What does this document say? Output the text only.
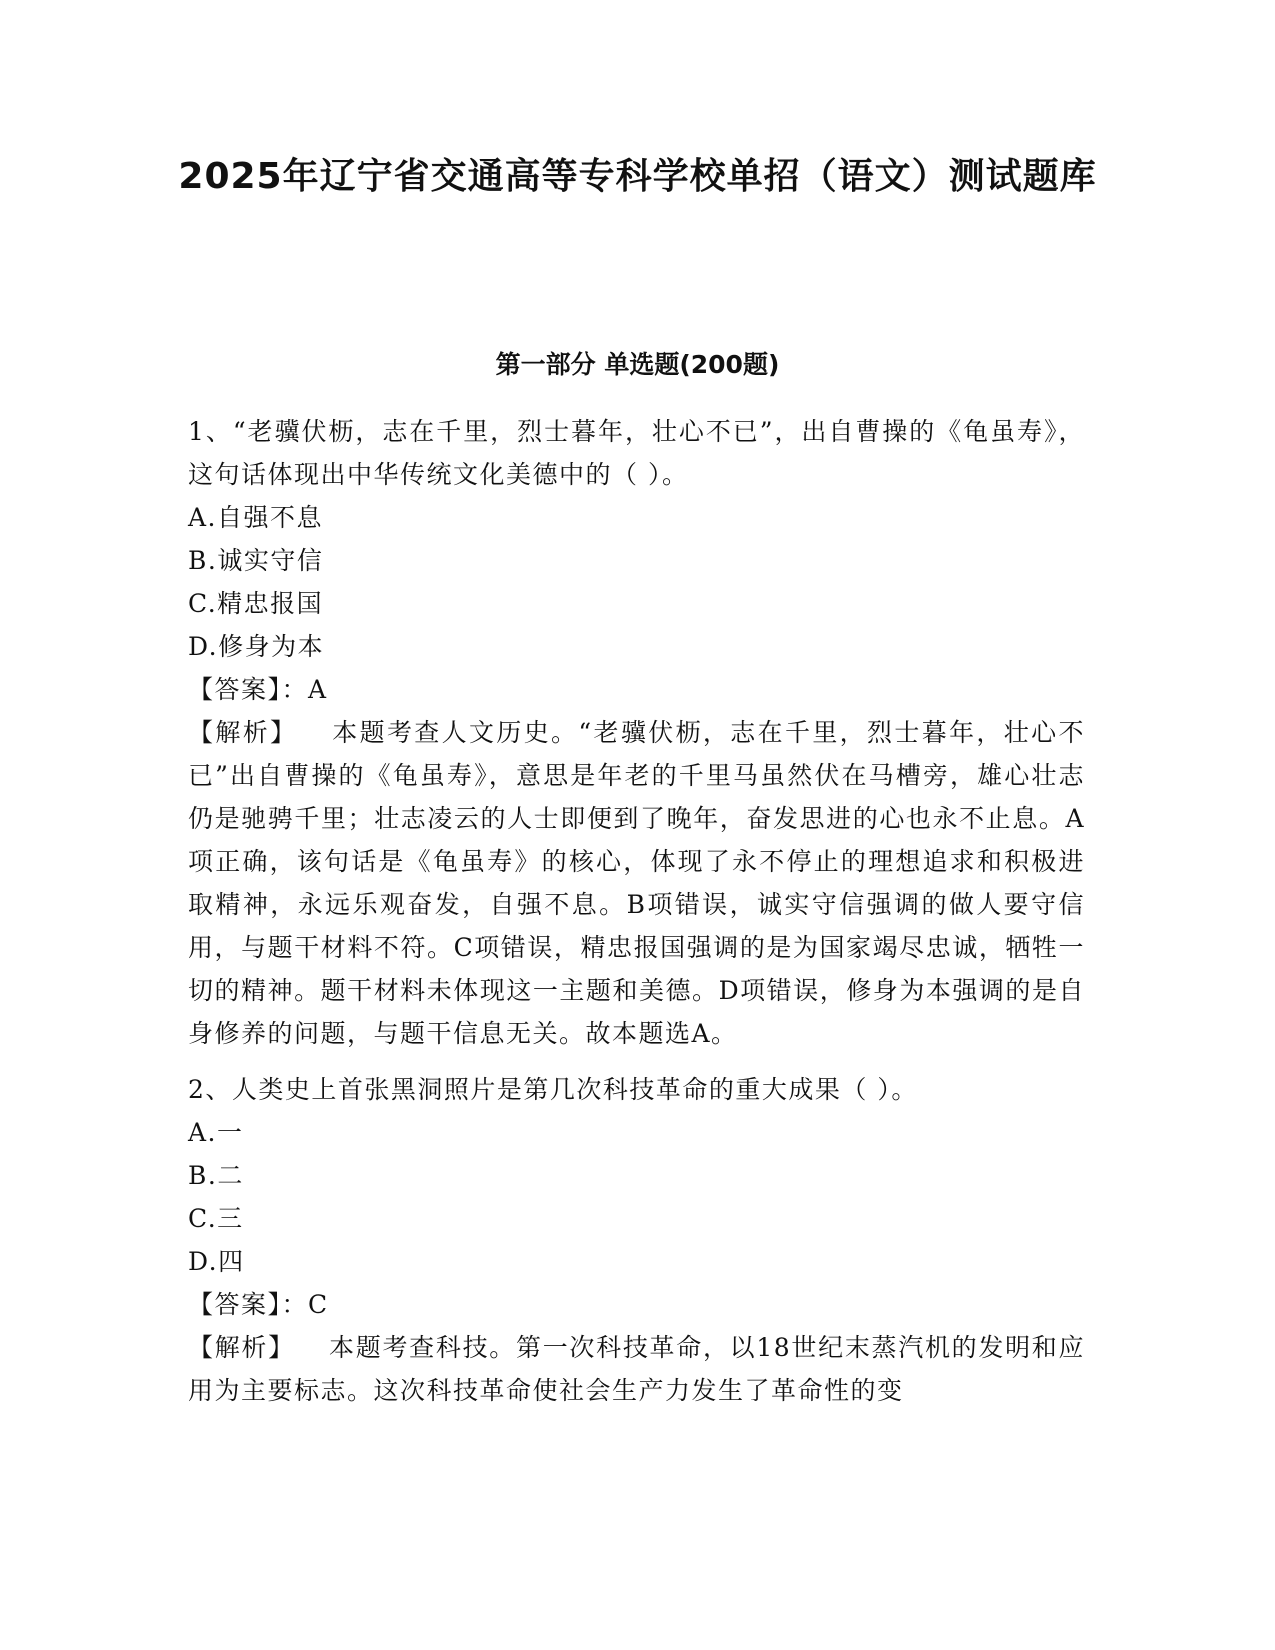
2025年辽宁省交通高等专科学校单招（语文）测试题库
第一部分 单选题(200题)

1、“老骥伏枥，志在千里，烈士暮年，壮心不已”，出自曹操的《龟虽寿》，这句话体现出中华传统文化美德中的（ ）。

A.自强不息

B.诚实守信

C.精忠报国

D.修身为本

【答案】：A

【解析】 本题考查人文历史。“老骥伏枥，志在千里，烈士暮年，壮心不已”出自曹操的《龟虽寿》，意思是年老的千里马虽然伏在马槽旁，雄心壮志仍是驰骋千里；壮志凌云的人士即便到了晚年，奋发思进的心也永不止息。A项正确，该句话是《龟虽寿》的核心，体现了永不停止的理想追求和积极进取精神，永远乐观奋发，自强不息。B项错误，诚实守信强调的做人要守信用，与题干材料不符。C项错误，精忠报国强调的是为国家竭尽忠诚，牺牲一切的精神。题干材料未体现这一主题和美德。D项错误，修身为本强调的是自身修养的问题，与题干信息无关。故本题选A。

2、人类史上首张黑洞照片是第几次科技革命的重大成果（ ）。

A.一

B.二

C.三

D.四

【答案】：C

【解析】 本题考查科技。第一次科技革命，以18世纪末蒸汽机的发明和应用为主要标志。这次科技革命使社会生产力发生了革命性的变
